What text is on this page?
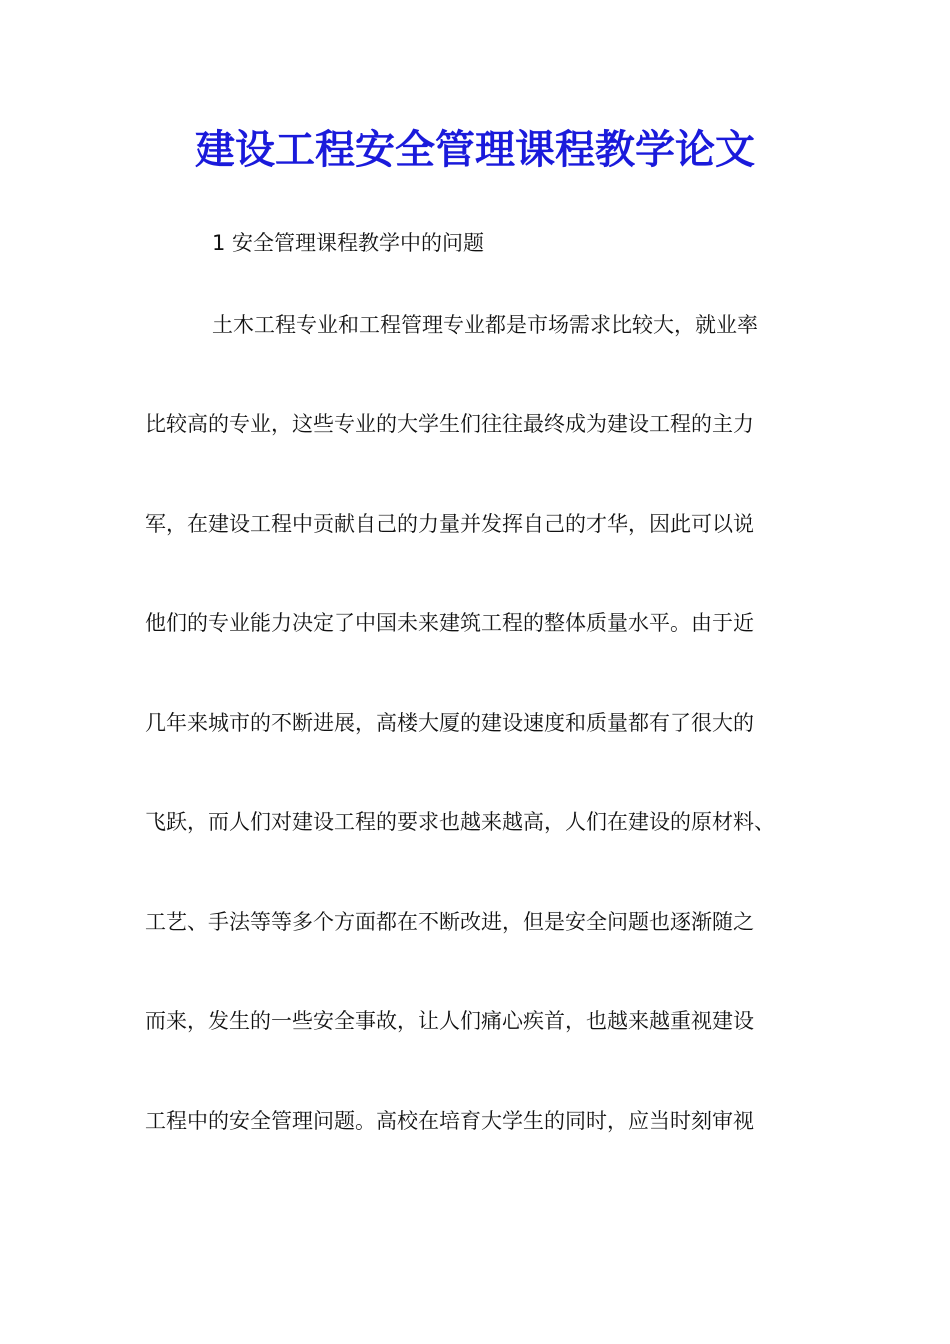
建设工程安全管理课程教学论文
1 安全管理课程教学中的问题
土木工程专业和工程管理专业都是市场需求比较大，就业率
比较高的专业，这些专业的大学生们往往最终成为建设工程的主力
军，在建设工程中贡献自己的力量并发挥自己的才华，因此可以说
他们的专业能力决定了中国未来建筑工程的整体质量水平。由于近
几年来城市的不断进展，高楼大厦的建设速度和质量都有了很大的
飞跃，而人们对建设工程的要求也越来越高，人们在建设的原材料、
工艺、手法等等多个方面都在不断改进，但是安全问题也逐渐随之
而来，发生的一些安全事故，让人们痛心疾首，也越来越重视建设
工程中的安全管理问题。高校在培育大学生的同时，应当时刻审视
